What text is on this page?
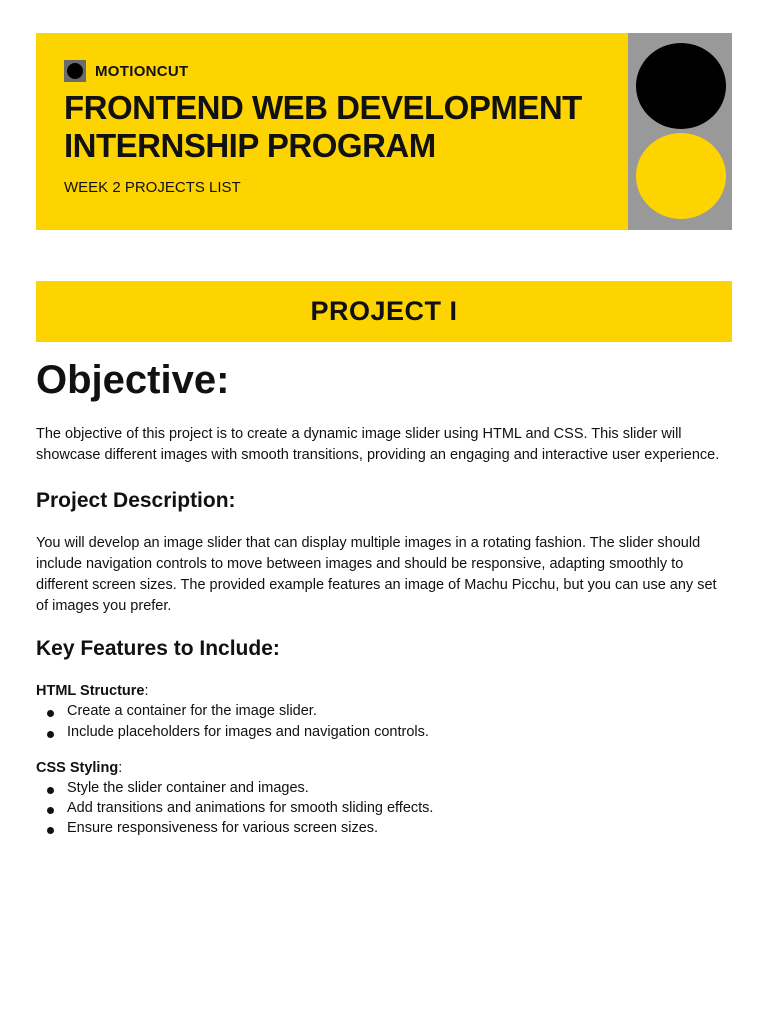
MOTIONCUT
FRONTEND WEB DEVELOPMENT INTERNSHIP PROGRAM

WEEK 2 PROJECTS LIST

PROJECT I
Objective:

The objective of this project is to create a dynamic image slider using HTML and CSS. This slider will showcase different images with smooth transitions, providing an engaging and interactive user experience.

Project Description:

You will develop an image slider that can display multiple images in a rotating fashion. The slider should include navigation controls to move between images and should be responsive, adapting smoothly to different screen sizes. The provided example features an image of Machu Picchu, but you can use any set of images you prefer.

Key Features to Include:

HTML Structure:

Create a container for the image slider.
Include placeholders for images and navigation controls.

CSS Styling:

Style the slider container and images.
Add transitions and animations for smooth sliding effects.
Ensure responsiveness for various screen sizes.
